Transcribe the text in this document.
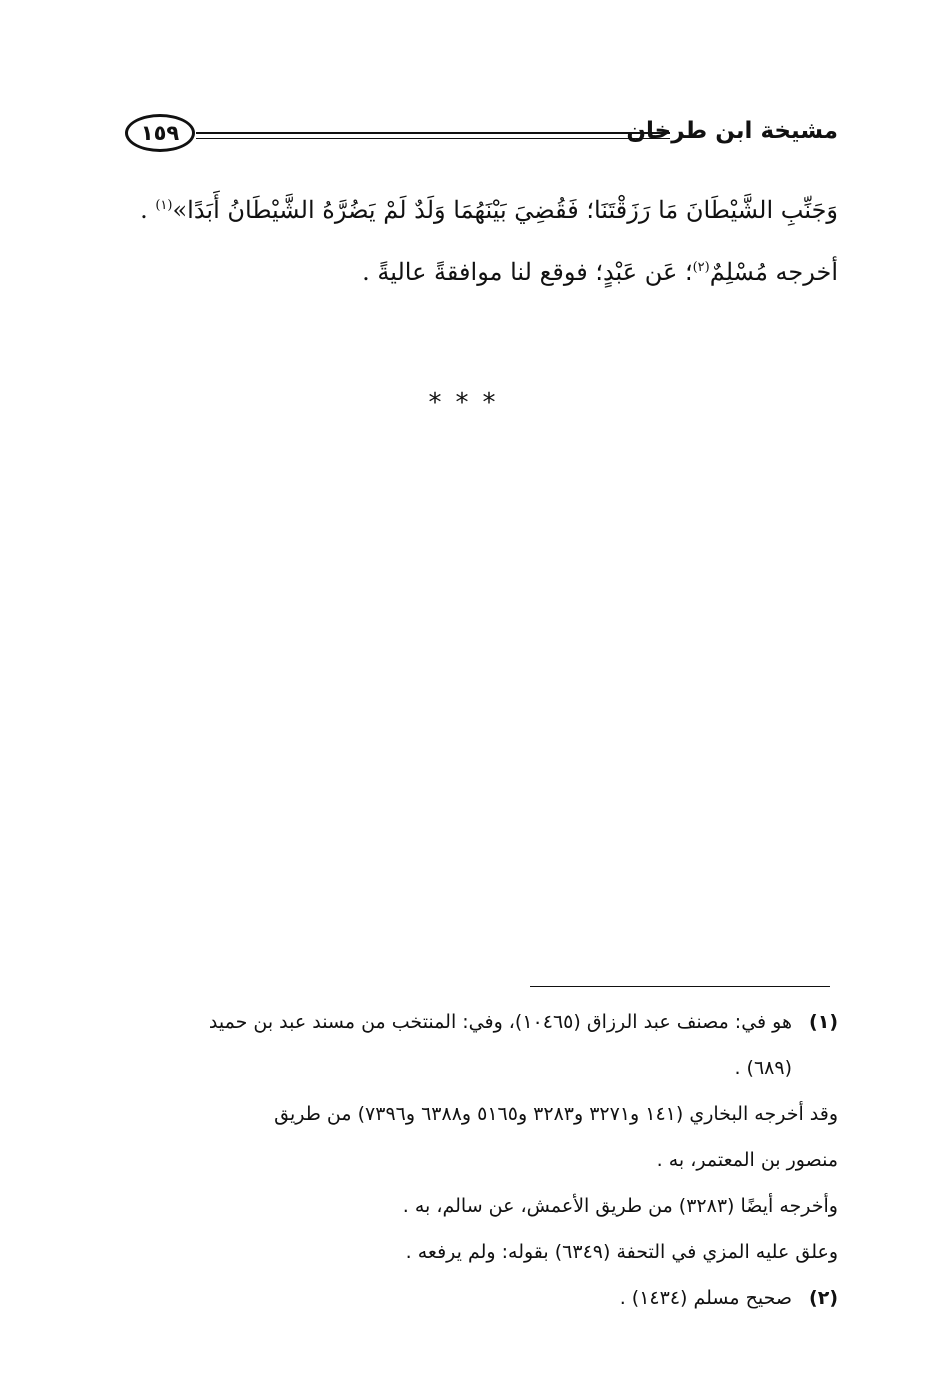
مشيخة ابن طرخان
١٥٩
وَجَنِّبِ الشَّيْطَانَ مَا رَزَقْتَنَا؛ فَقُضِيَ بَيْنَهُمَا وَلَدٌ لَمْ يَضُرَّهُ الشَّيْطَانُ أَبَدًا»$^{(١)}$ .
أخرجه مُسْلِمٌ$^{(٢)}$؛ عَن عَبْدٍ؛ فوقع لنا موافقةً عاليةً .
***
(١)هو في: مصنف عبد الرزاق (١٠٤٦٥)، وفي: المنتخب من مسند عبد بن حميد
(٦٨٩) .
وقد أخرجه البخاري (١٤١ و٣٢٧١ و٣٢٨٣ و٥١٦٥ و٦٣٨٨ و٧٣٩٦) من طريق
منصور بن المعتمر، به .
وأخرجه أيضًا (٣٢٨٣) من طريق الأعمش، عن سالم، به .
وعلق عليه المزي في التحفة (٦٣٤٩) بقوله: ولم يرفعه .
(٢)صحيح مسلم (١٤٣٤) .
